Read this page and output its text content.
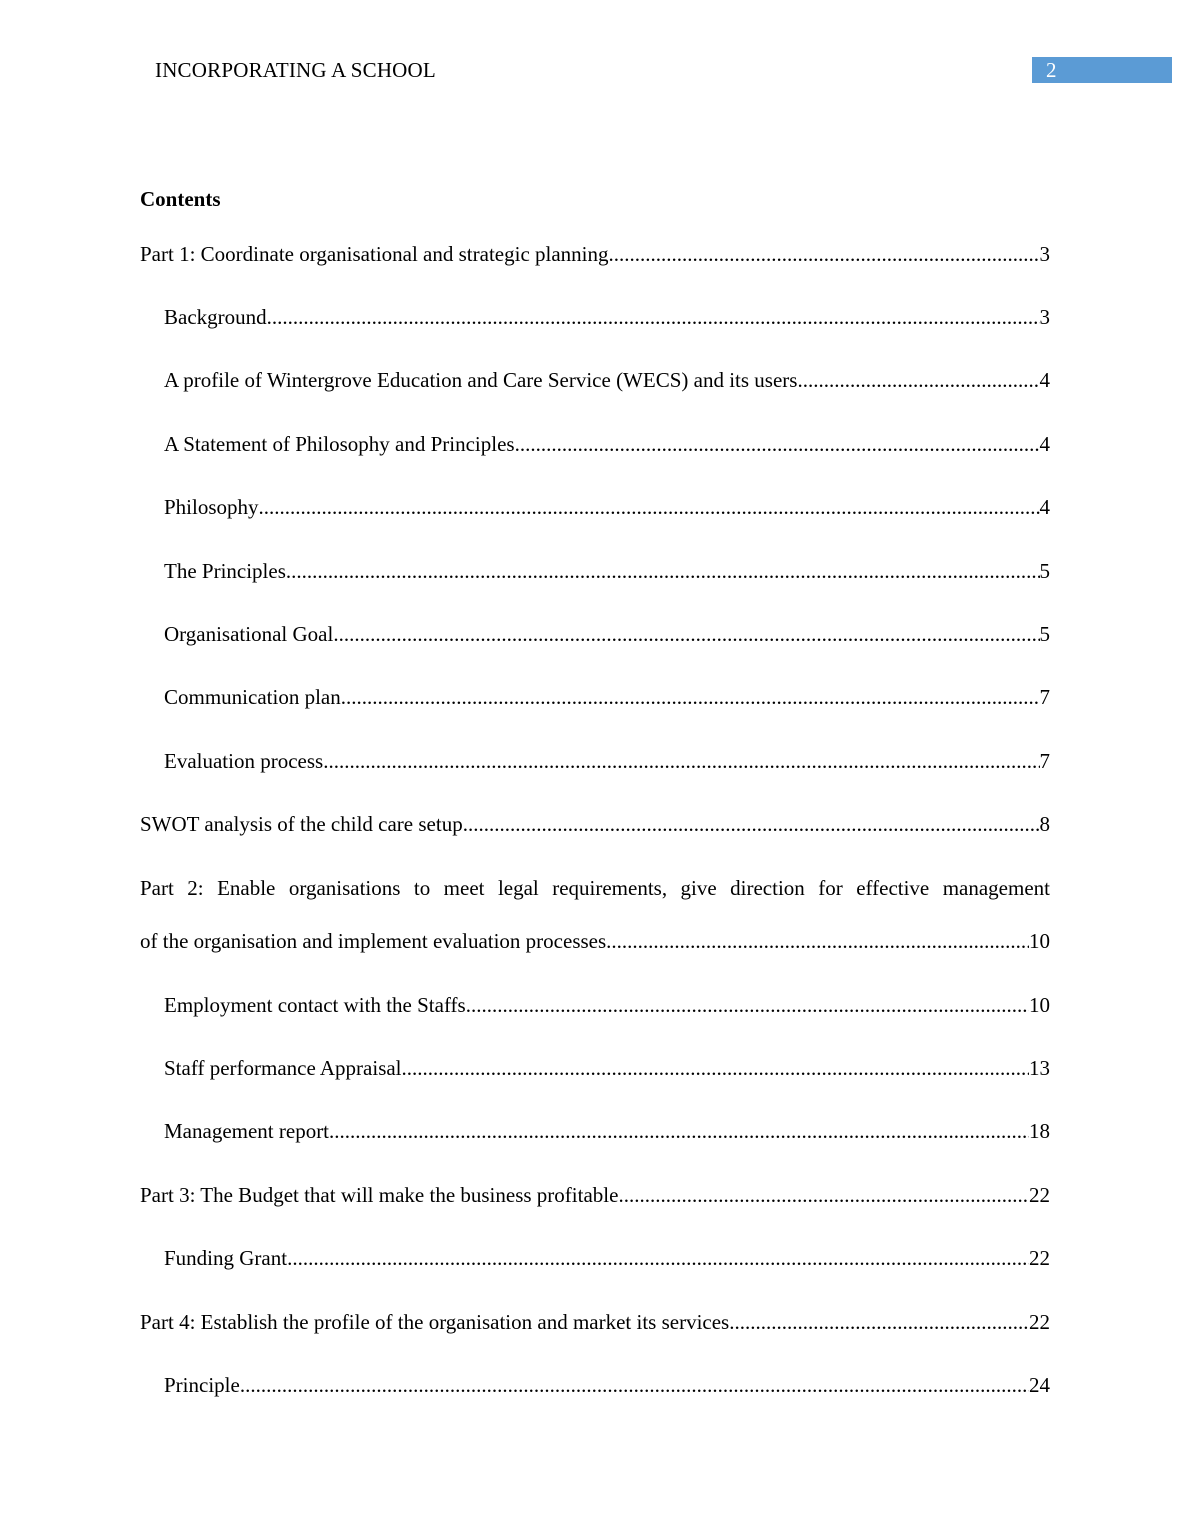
INCORPORATING A SCHOOL	2
Contents
Part 1: Coordinate organisational and strategic planning .....	3
Background .....	3
A profile of Wintergrove Education and Care Service (WECS) and its users .....	4
A Statement of Philosophy and Principles .....	4
Philosophy .....	4
The Principles .....	5
Organisational Goal .....	5
Communication plan .....	7
Evaluation process .....	7
SWOT analysis of the child care setup .....	8
Part 2: Enable organisations to meet legal requirements, give direction for effective management
of the organisation and implement evaluation processes .....	10
Employment contact with the Staffs .....	10
Staff performance Appraisal .....	13
Management report .....	18
Part 3: The Budget that will make the business profitable .....	22
Funding Grant .....	22
Part 4: Establish the profile of the organisation and market its services .....	22
Principle .....	24
